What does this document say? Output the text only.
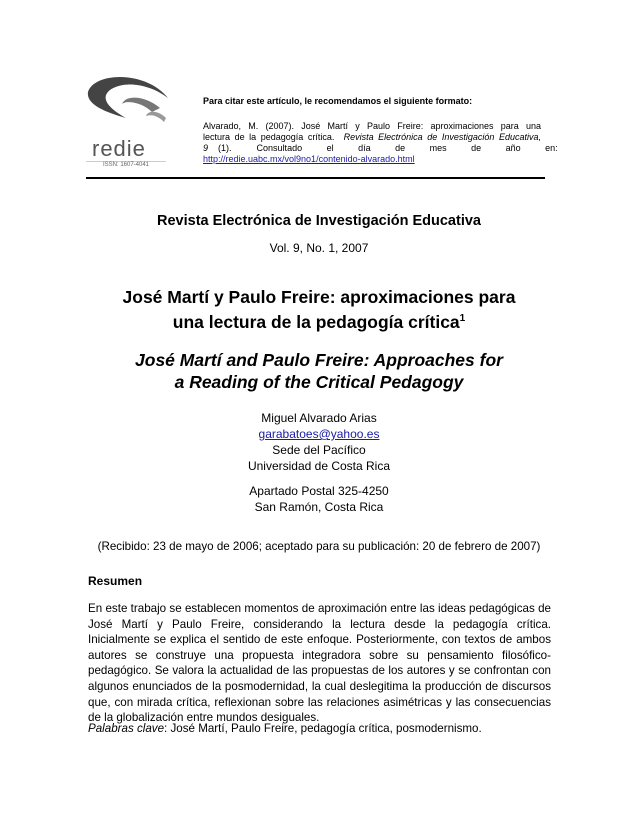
redie
ISSN: 1607-4041
Para citar este artículo, le recomendamos el siguiente formato:
Alvarado, M. (2007). José Martí y Paulo Freire: aproximaciones para una
lectura de la pedagogía crítica. Revista Electrónica de Investigación Educativa,
9 (1).	Consultado el día de mes de año en:
http://redie.uabc.mx/vol9no1/contenido-alvarado.html
Revista Electrónica de Investigación Educativa
Vol. 9, No. 1, 2007
José Martí y Paulo Freire: aproximaciones para
una lectura de la pedagogía crítica$^1$
José Martí and Paulo Freire: Approaches for
a Reading of the Critical Pedagogy
Miguel Alvarado Arias
garabatoes@yahoo.es
Sede del Pacífico
Universidad de Costa Rica
Apartado Postal 325-4250
San Ramón, Costa Rica
(Recibido: 23 de mayo de 2006; aceptado para su publicación: 20 de febrero de 2007)
Resumen
En este trabajo se establecen momentos de aproximación entre las ideas pedagógicas de
José Martí y Paulo Freire, considerando la lectura desde la pedagogía crítica.
Inicialmente se explica el sentido de este enfoque. Posteriormente, con textos de ambos
autores se construye una propuesta integradora sobre su pensamiento filosófico-
pedagógico. Se valora la actualidad de las propuestas de los autores y se confrontan con
algunos enunciados de la posmodernidad, la cual deslegitima la producción de discursos
que, con mirada crítica, reflexionan sobre las relaciones asimétricas y las consecuencias
de la globalización entre mundos desiguales.
Palabras clave: José Martí, Paulo Freire, pedagogía crítica, posmodernismo.
